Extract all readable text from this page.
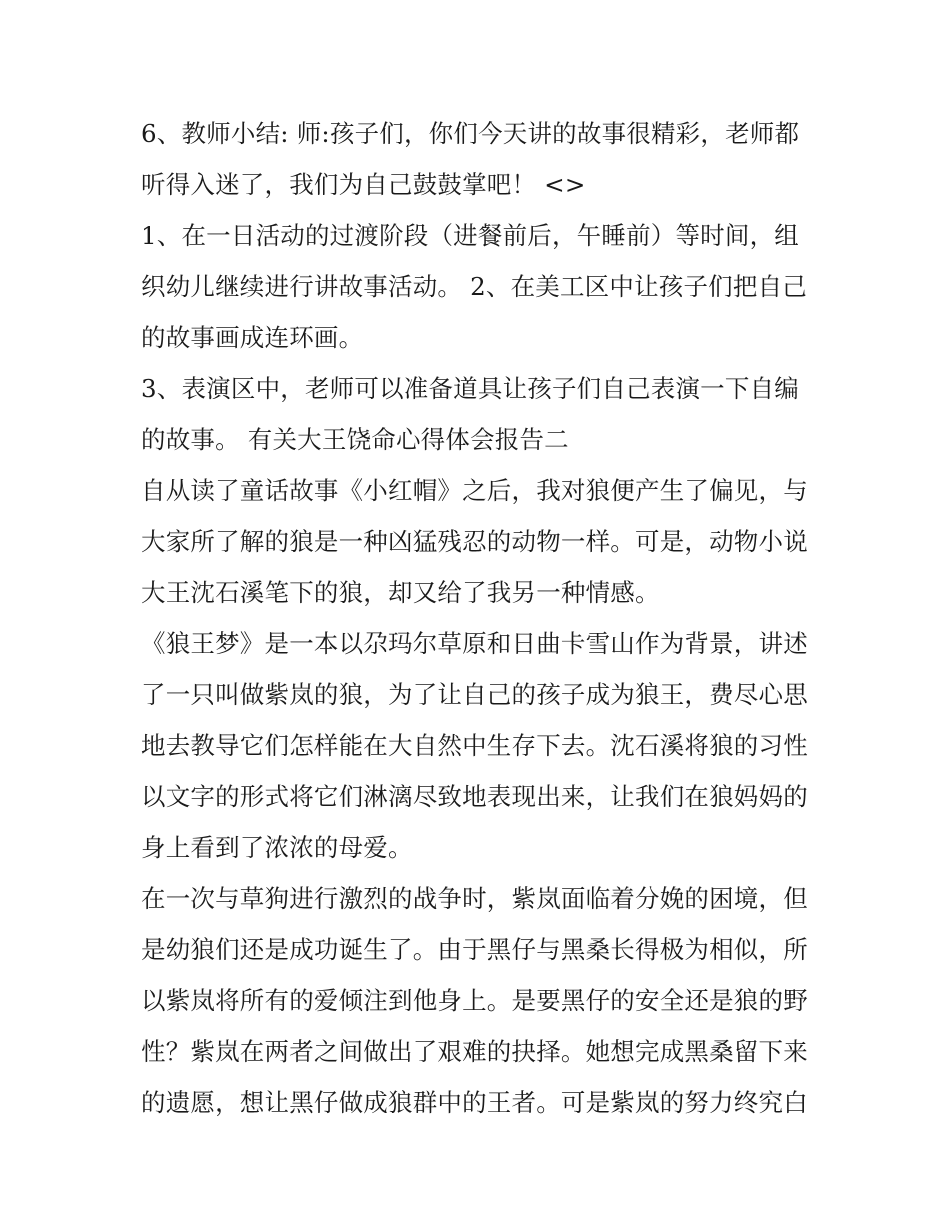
6、教师小结: 师:孩子们，你们今天讲的故事很精彩，老师都
听得入迷了，我们为自己鼓鼓掌吧！ <>
1、在一日活动的过渡阶段（进餐前后，午睡前）等时间，组
织幼儿继续进行讲故事活动。 2、在美工区中让孩子们把自己
的故事画成连环画。
3、表演区中，老师可以准备道具让孩子们自己表演一下自编
的故事。 有关大王饶命心得体会报告二
自从读了童话故事《小红帽》之后，我对狼便产生了偏见，与
大家所了解的狼是一种凶猛残忍的动物一样。可是，动物小说
大王沈石溪笔下的狼，却又给了我另一种情感。
《狼王梦》是一本以尕玛尔草原和日曲卡雪山作为背景，讲述
了一只叫做紫岚的狼，为了让自己的孩子成为狼王，费尽心思
地去教导它们怎样能在大自然中生存下去。沈石溪将狼的习性
以文字的形式将它们淋漓尽致地表现出来，让我们在狼妈妈的
身上看到了浓浓的母爱。
在一次与草狗进行激烈的战争时，紫岚面临着分娩的困境，但
是幼狼们还是成功诞生了。由于黑仔与黑桑长得极为相似，所
以紫岚将所有的爱倾注到他身上。是要黑仔的安全还是狼的野
性？紫岚在两者之间做出了艰难的抉择。她想完成黑桑留下来
的遗愿，想让黑仔做成狼群中的王者。可是紫岚的努力终究白
